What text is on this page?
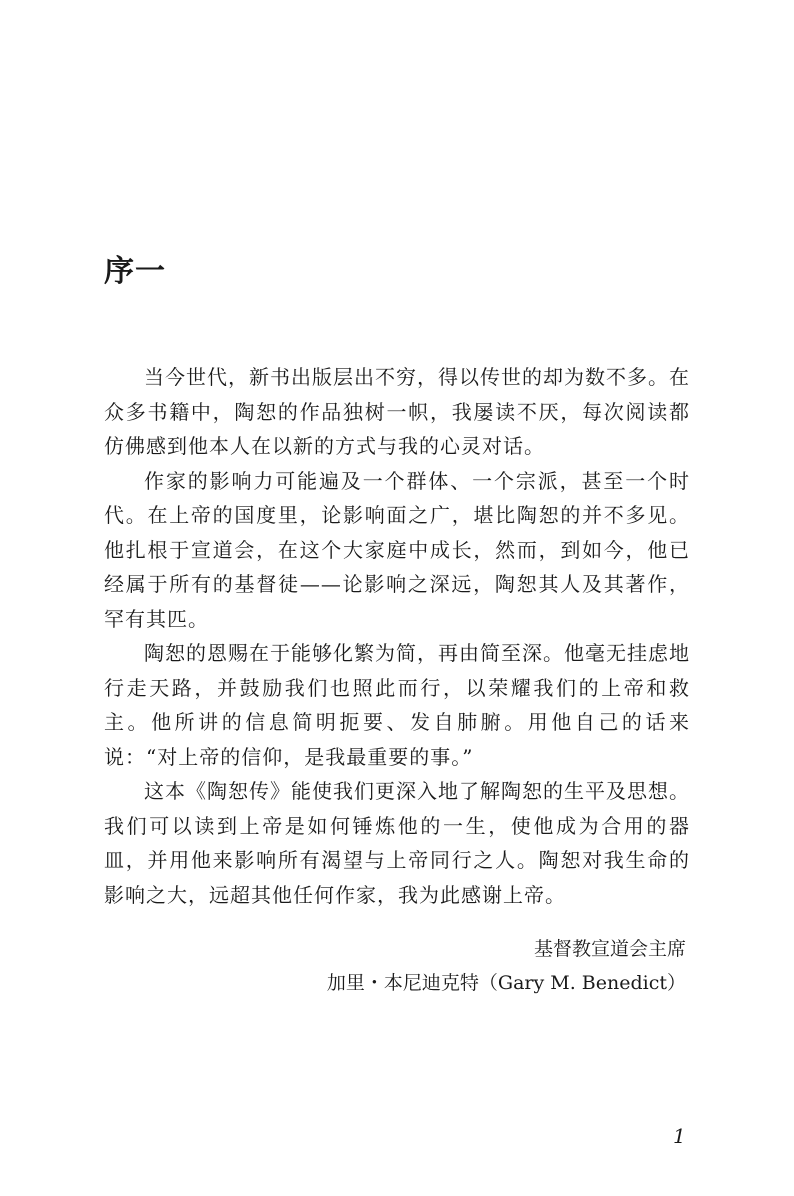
序一

当今世代，新书出版层出不穷，得以传世的却为数不多。在众多书籍中，陶恕的作品独树一帜，我屡读不厌，每次阅读都仿佛感到他本人在以新的方式与我的心灵对话。

作家的影响力可能遍及一个群体、一个宗派，甚至一个时代。在上帝的国度里，论影响面之广，堪比陶恕的并不多见。他扎根于宣道会，在这个大家庭中成长，然而，到如今，他已经属于所有的基督徒——论影响之深远，陶恕其人及其著作，罕有其匹。

陶恕的恩赐在于能够化繁为简，再由简至深。他毫无挂虑地行走天路，并鼓励我们也照此而行，以荣耀我们的上帝和救主。他所讲的信息简明扼要、发自肺腑。用他自己的话来说：“对上帝的信仰，是我最重要的事。”

这本《陶恕传》能使我们更深入地了解陶恕的生平及思想。我们可以读到上帝是如何锤炼他的一生，使他成为合用的器皿，并用他来影响所有渴望与上帝同行之人。陶恕对我生命的影响之大，远超其他任何作家，我为此感谢上帝。

基督教宣道会主席
加里・本尼迪克特（Gary M. Benedict）
1
